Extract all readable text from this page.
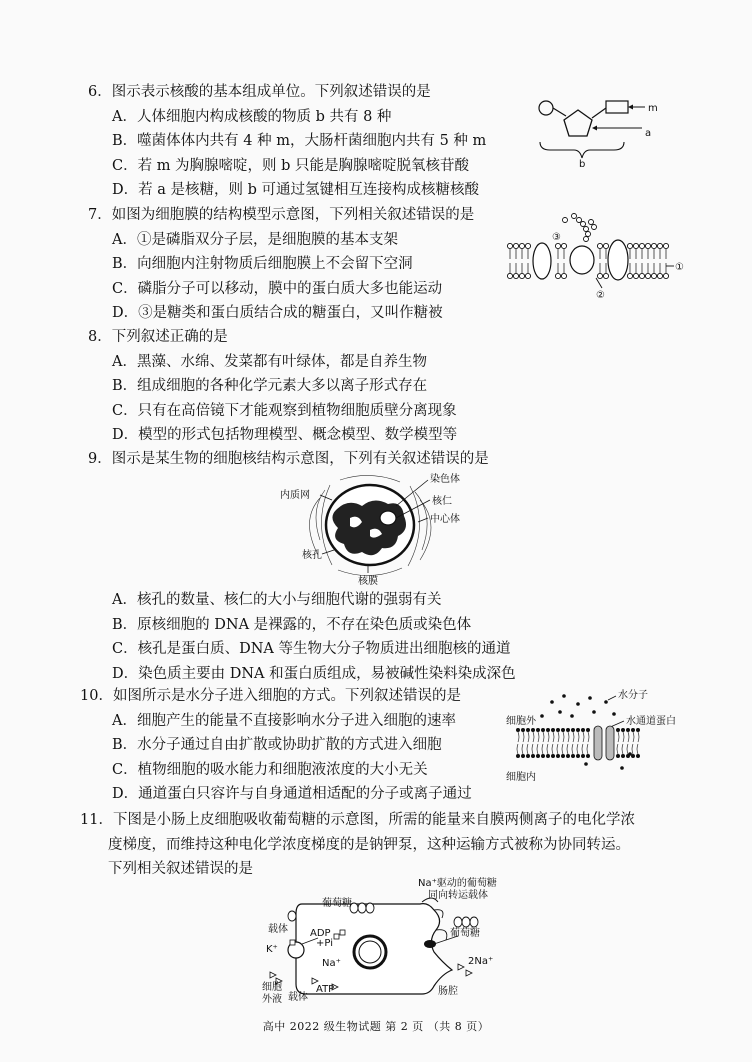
6．图示表示核酸的基本组成单位。下列叙述错误的是
A．人体细胞内构成核酸的物质 b 共有 8 种
B．噬菌体体内共有 4 种 m，大肠杆菌细胞内共有 5 种 m
C．若 m 为胸腺嘧啶，则 b 只能是胸腺嘧啶脱氧核苷酸
D．若 a 是核糖，则 b 可通过氢键相互连接构成核糖核酸
m
a
b
7．如图为细胞膜的结构模型示意图，下列相关叙述错误的是
A．①是磷脂双分子层，是细胞膜的基本支架
B．向细胞内注射物质后细胞膜上不会留下空洞
C．磷脂分子可以移动，膜中的蛋白质大多也能运动
D．③是糖类和蛋白质结合成的糖蛋白，又叫作糖被
③
①
②
8．下列叙述正确的是
A．黑藻、水绵、发菜都有叶绿体，都是自养生物
B．组成细胞的各种化学元素大多以离子形式存在
C．只有在高倍镜下才能观察到植物细胞质壁分离现象
D．模型的形式包括物理模型、概念模型、数学模型等
9．图示是某生物的细胞核结构示意图，下列有关叙述错误的是
内质网
染色体
核仁
中心体
核孔
核膜
A．核孔的数量、核仁的大小与细胞代谢的强弱有关
B．原核细胞的 DNA 是裸露的，不存在染色质或染色体
C．核孔是蛋白质、DNA 等生物大分子物质进出细胞核的通道
D．染色质主要由 DNA 和蛋白质组成，易被碱性染料染成深色
10．如图所示是水分子进入细胞的方式。下列叙述错误的是
A．细胞产生的能量不直接影响水分子进入细胞的速率
B．水分子通过自由扩散或协助扩散的方式进入细胞
C．植物细胞的吸水能力和细胞液浓度的大小无关
D．通道蛋白只容许与自身通道相适配的分子或离子通过
水分子
细胞外	水通道蛋白
细胞内
11．下图是小肠上皮细胞吸收葡萄糖的示意图，所需的能量来自膜两侧离子的电化学浓
度梯度，而维持这种电化学浓度梯度的是钠钾泵，这种运输方式被称为协同转运。
下列相关叙述错误的是
葡萄糖
Na⁺驱动的葡萄糖
同向转运载体
载体 ADP
+Pi
K⁺
Na⁺
细胞
外液 载体
ATP
葡萄糖
2Na⁺
肠腔
高中 2022 级生物试题 第 2 页 （共 8 页）
